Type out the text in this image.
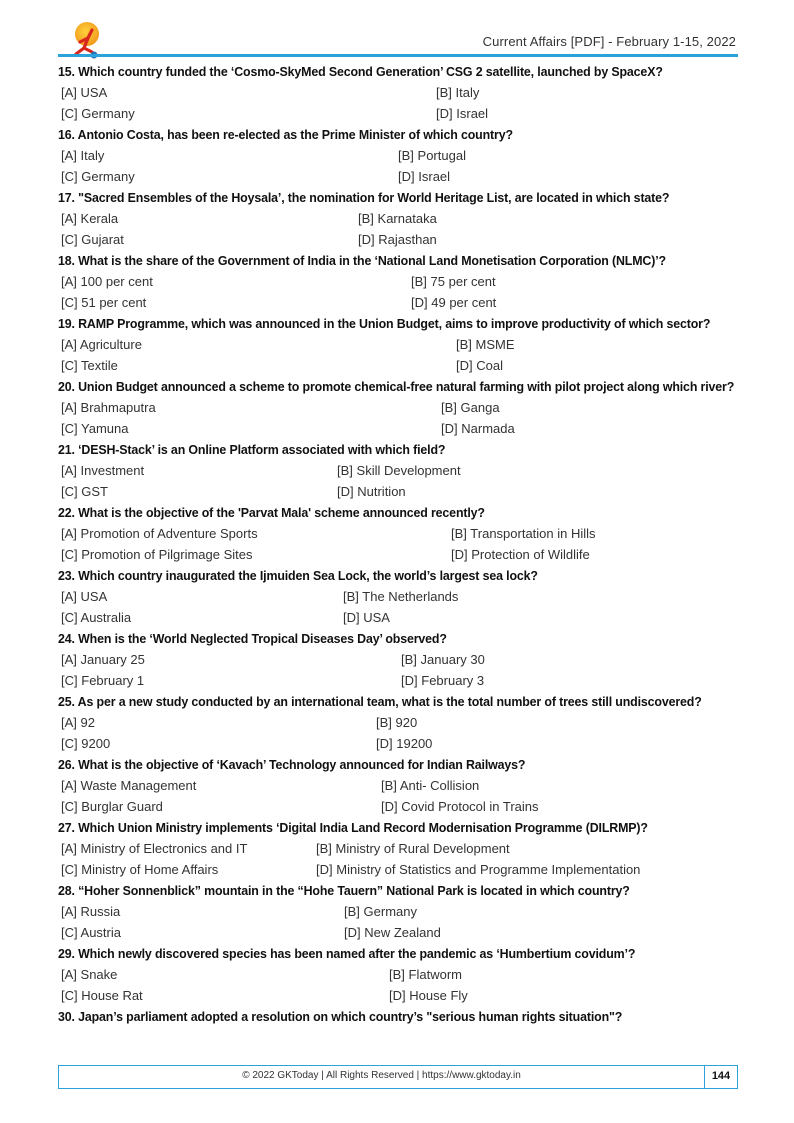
Current Affairs [PDF] - February 1-15, 2022
15. Which country funded the ‘Cosmo-SkyMed Second Generation’ CSG 2 satellite, launched by SpaceX?
[A] USA	[B] Italy
[C] Germany	[D] Israel
16. Antonio Costa, has been re-elected as the Prime Minister of which country?
[A] Italy	[B] Portugal
[C] Germany	[D] Israel
17. "Sacred Ensembles of the Hoysala’, the nomination for World Heritage List, are located in which state?
[A] Kerala	[B] Karnataka
[C] Gujarat	[D] Rajasthan
18. What is the share of the Government of India in the ‘National Land Monetisation Corporation (NLMC)’?
[A] 100 per cent	[B] 75 per cent
[C] 51 per cent	[D] 49 per cent
19. RAMP Programme, which was announced in the Union Budget, aims to improve productivity of which sector?
[A] Agriculture	[B] MSME
[C] Textile	[D] Coal
20. Union Budget announced a scheme to promote chemical-free natural farming with pilot project along which river?
[A] Brahmaputra	[B] Ganga
[C] Yamuna	[D] Narmada
21. ‘DESH-Stack’ is an Online Platform associated with which field?
[A] Investment	[B] Skill Development
[C] GST	[D] Nutrition
22. What is the objective of the 'Parvat Mala' scheme announced recently?
[A] Promotion of Adventure Sports	[B] Transportation in Hills
[C] Promotion of Pilgrimage Sites	[D] Protection of Wildlife
23. Which country inaugurated the Ijmuiden Sea Lock, the world’s largest sea lock?
[A] USA	[B] The Netherlands
[C] Australia	[D] USA
24. When is the ‘World Neglected Tropical Diseases Day’ observed?
[A] January 25	[B] January 30
[C] February 1	[D] February 3
25. As per a new study conducted by an international team, what is the total number of trees still undiscovered?
[A] 92	[B] 920
[C] 9200	[D] 19200
26. What is the objective of ‘Kavach’ Technology announced for Indian Railways?
[A] Waste Management	[B] Anti- Collision
[C] Burglar Guard	[D] Covid Protocol in Trains
27. Which Union Ministry implements ‘Digital India Land Record Modernisation Programme (DILRMP)?
[A] Ministry of Electronics and IT	[B] Ministry of Rural Development
[C] Ministry of Home Affairs	[D] Ministry of Statistics and Programme Implementation
28. “Hoher Sonnenblick” mountain in the “Hohe Tauern” National Park is located in which country?
[A] Russia	[B] Germany
[C] Austria	[D] New Zealand
29. Which newly discovered species has been named after the pandemic as ‘Humbertium covidum’?
[A] Snake	[B] Flatworm
[C] House Rat	[D] House Fly
30. Japan’s parliament adopted a resolution on which country’s "serious human rights situation"?
© 2022 GKToday | All Rights Reserved | https://www.gktoday.in	144
